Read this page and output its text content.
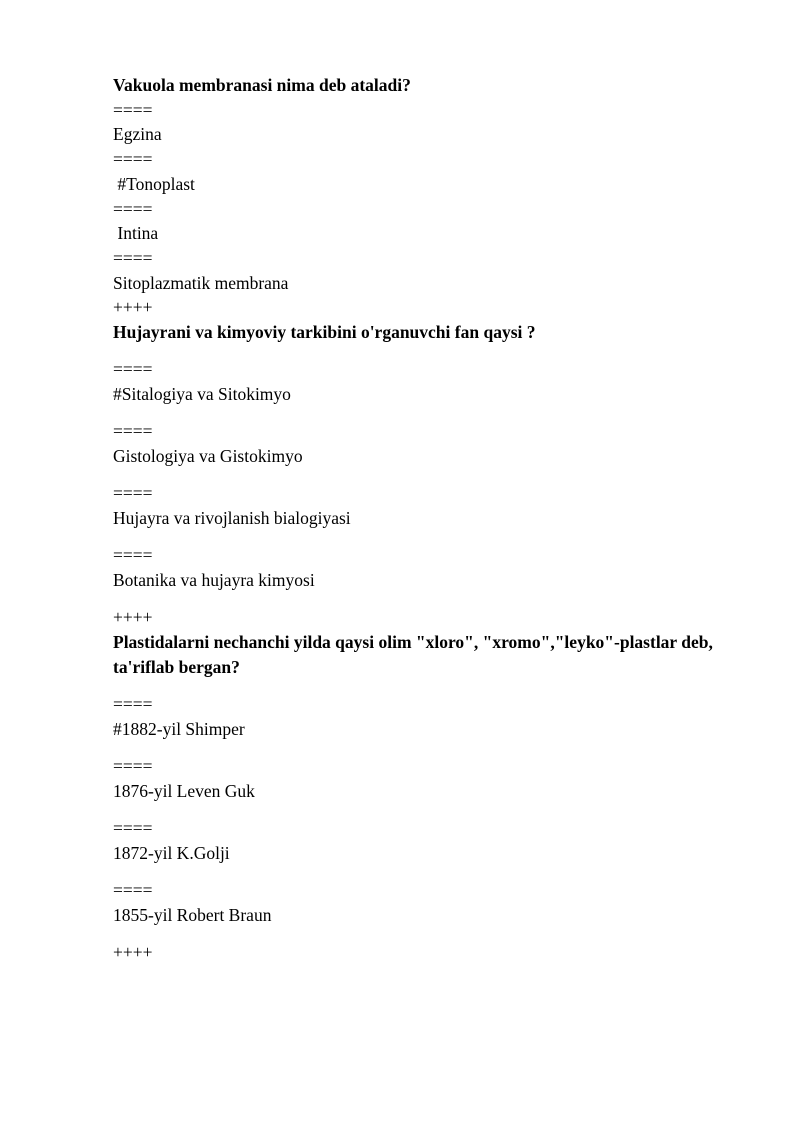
Vakuola membranasi nima deb ataladi?

====

Egzina

====

#Tonoplast

====

Intina

====

Sitoplazmatik membrana

++++

Hujayrani va kimyoviy tarkibini o'rganuvchi fan qaysi ?

====

#Sitalogiya va Sitokimyo

====

Gistologiya va Gistokimyo

====

Hujayra va rivojlanish bialogiyasi

====

Botanika va hujayra kimyosi

++++

Plastidalarni nechanchi yilda qaysi olim "xloro", "xromo","leyko"-plastlar deb, ta'riflab bergan?

====

#1882-yil Shimper

====

1876-yil Leven Guk

====

1872-yil K.Golji

====

1855-yil Robert Braun

++++
